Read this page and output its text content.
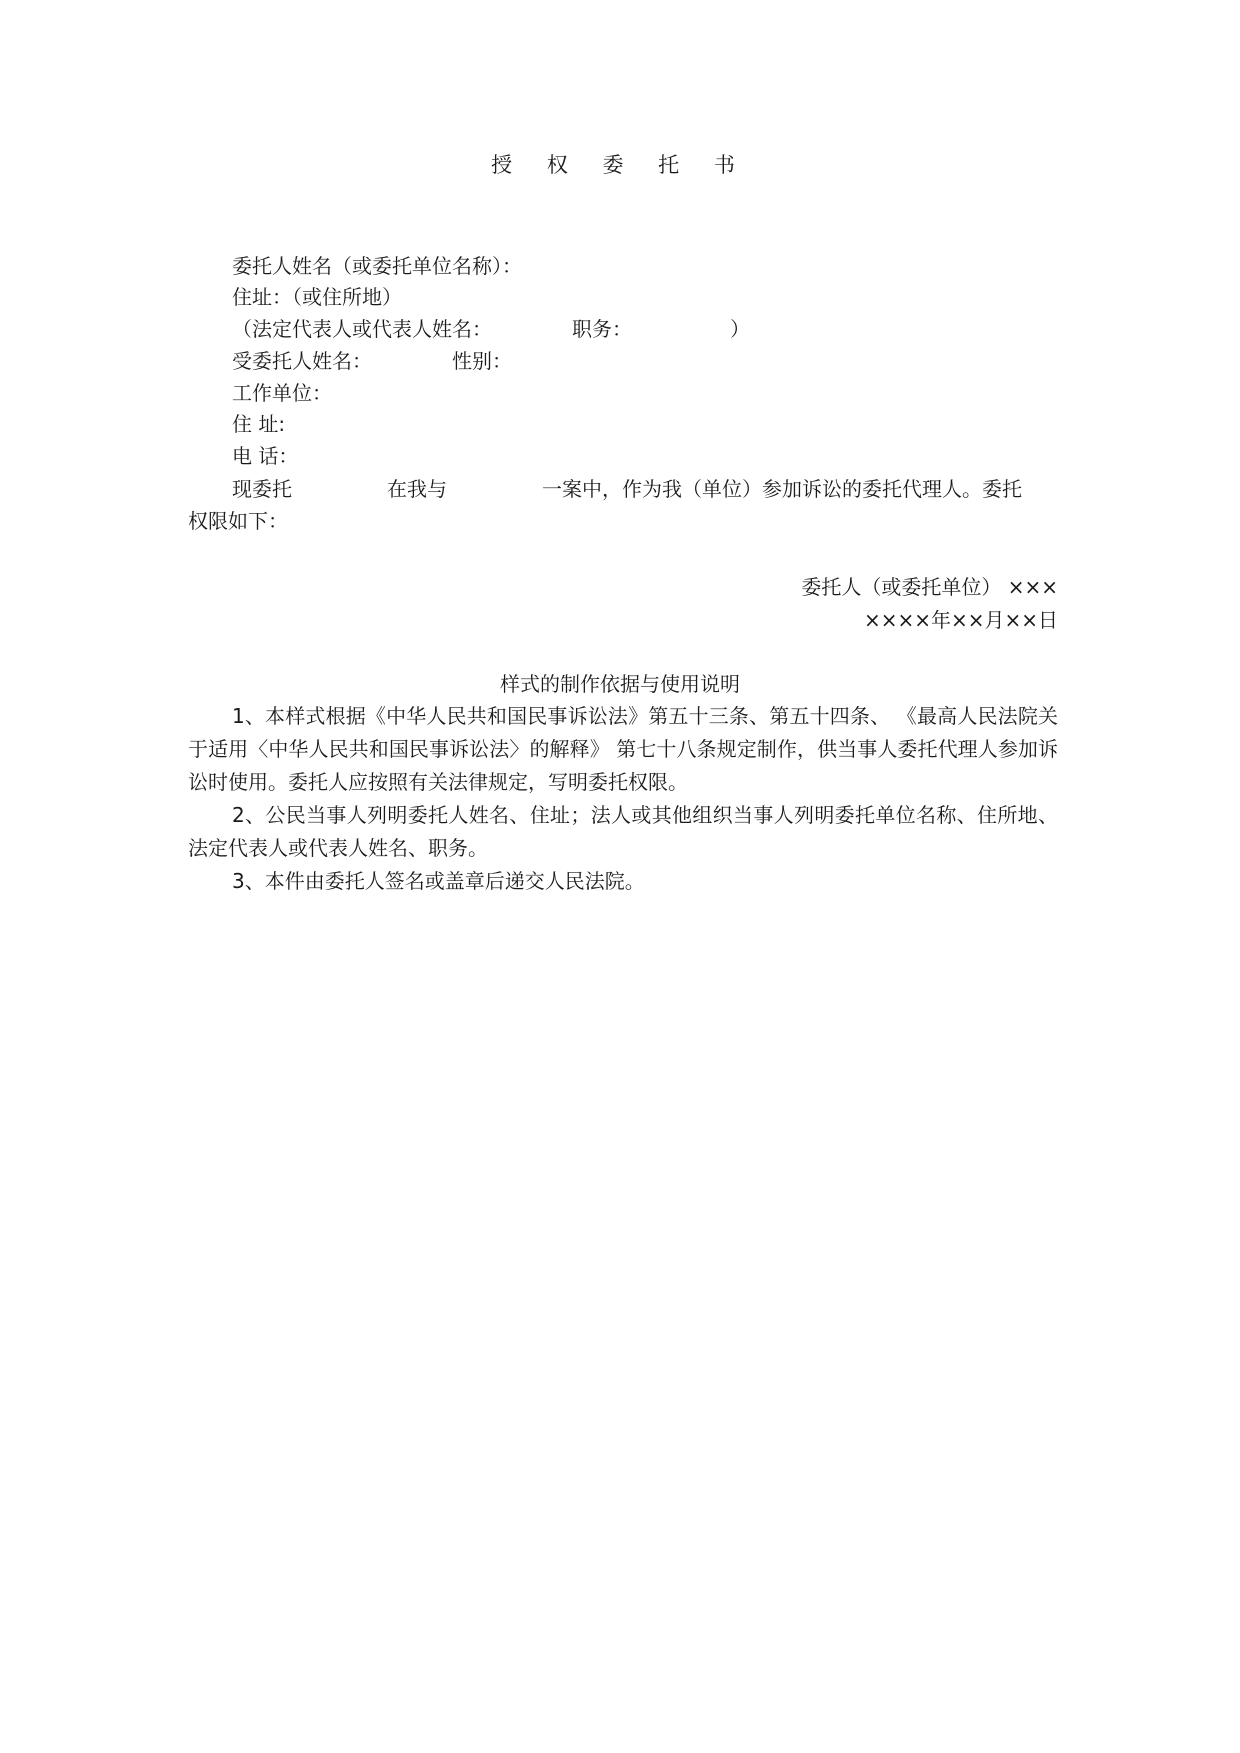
授 权 委 托 书
委托人姓名（或委托单位名称）：
住址：（或住所地）
（法定代表人或代表人姓名：	职务：	）
受委托人姓名：	性别：
工作单位：
住 址:
电 话：
现委托	在我与	一案中，作为我（单位）参加诉讼的委托代理人。委托
权限如下：
委托人（或委托单位） ×××
××××年××月××日
样式的制作依据与使用说明

1、本样式根据《中华人民共和国民事诉讼法》第五十三条、第五十四条、 《最高人民法院关于适用〈中华人民共和国民事诉讼法〉的解释》 第七十八条规定制作，供当事人委托代理人参加诉讼时使用。委托人应按照有关法律规定，写明委托权限。

2、公民当事人列明委托人姓名、住址；法人或其他组织当事人列明委托单位名称、住所地、法定代表人或代表人姓名、职务。

3、本件由委托人签名或盖章后递交人民法院。
